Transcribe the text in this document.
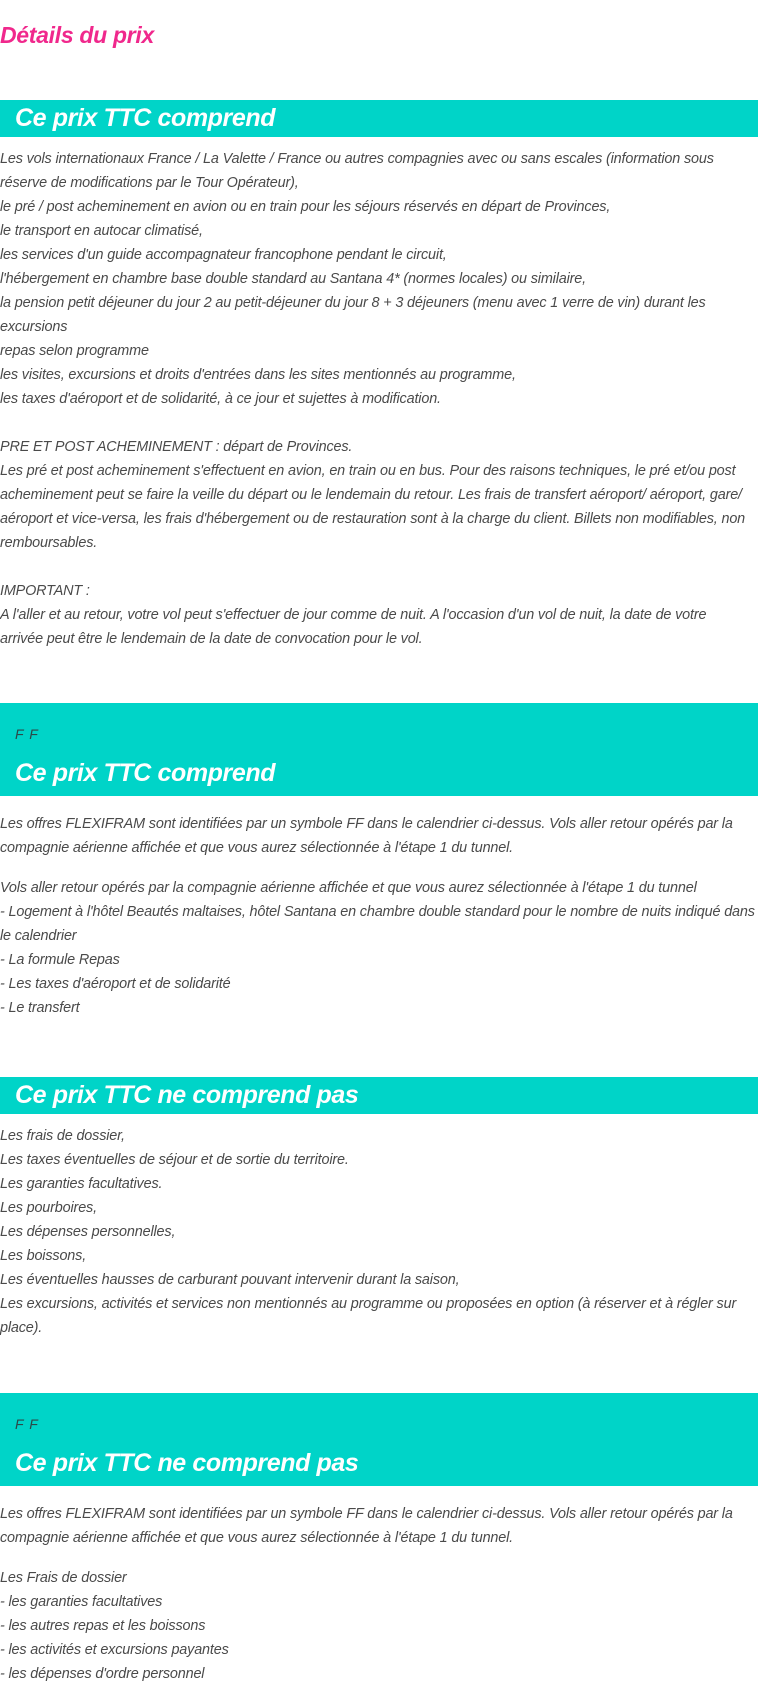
Détails du prix
Ce prix TTC comprend

Les vols internationaux France / La Valette / France ou autres compagnies avec ou sans escales (information sous
réserve de modifications par le Tour Opérateur),
le pré / post acheminement en avion ou en train pour les séjours réservés en départ de Provinces,
le transport en autocar climatisé,
les services d'un guide accompagnateur francophone pendant le circuit,
l'hébergement en chambre base double standard au Santana 4* (normes locales) ou similaire,
la pension petit déjeuner du jour 2 au petit-déjeuner du jour 8 + 3 déjeuners (menu avec 1 verre de vin) durant les
excursions
repas selon programme
les visites, excursions et droits d'entrées dans les sites mentionnés au programme,
les taxes d'aéroport et de solidarité, à ce jour et sujettes à modification.
PRE ET POST ACHEMINEMENT : départ de Provinces.
Les pré et post acheminement s'effectuent en avion, en train ou en bus. Pour des raisons techniques, le pré et/ou post
acheminement peut se faire la veille du départ ou le lendemain du retour. Les frais de transfert aéroport/ aéroport, gare/
aéroport et vice-versa, les frais d'hébergement ou de restauration sont à la charge du client. Billets non modifiables, non
remboursables.
IMPORTANT :
A l'aller et au retour, votre vol peut s'effectuer de jour comme de nuit. A l'occasion d'un vol de nuit, la date de votre
arrivée peut être le lendemain de la date de convocation pour le vol.

F F
Ce prix TTC comprend

Les offres FLEXIFRAM sont identifiées par un symbole FF dans le calendrier ci-dessus. Vols aller retour opérés par la
compagnie aérienne affichée et que vous aurez sélectionnée à l'étape 1 du tunnel.

Vols aller retour opérés par la compagnie aérienne affichée et que vous aurez sélectionnée à l'étape 1 du tunnel
- Logement à l'hôtel Beautés maltaises, hôtel Santana en chambre double standard pour le nombre de nuits indiqué dans
le calendrier
- La formule Repas
- Les taxes d'aéroport et de solidarité
- Le transfert

Ce prix TTC ne comprend pas

Les frais de dossier,
Les taxes éventuelles de séjour et de sortie du territoire.
Les garanties facultatives.
Les pourboires,
Les dépenses personnelles,
Les boissons,
Les éventuelles hausses de carburant pouvant intervenir durant la saison,
Les excursions, activités et services non mentionnés au programme ou proposées en option (à réserver et à régler sur
place).

F F
Ce prix TTC ne comprend pas

Les offres FLEXIFRAM sont identifiées par un symbole FF dans le calendrier ci-dessus. Vols aller retour opérés par la
compagnie aérienne affichée et que vous aurez sélectionnée à l'étape 1 du tunnel.

Les Frais de dossier
- les garanties facultatives
- les autres repas et les boissons
- les activités et excursions payantes
- les dépenses d'ordre personnel
